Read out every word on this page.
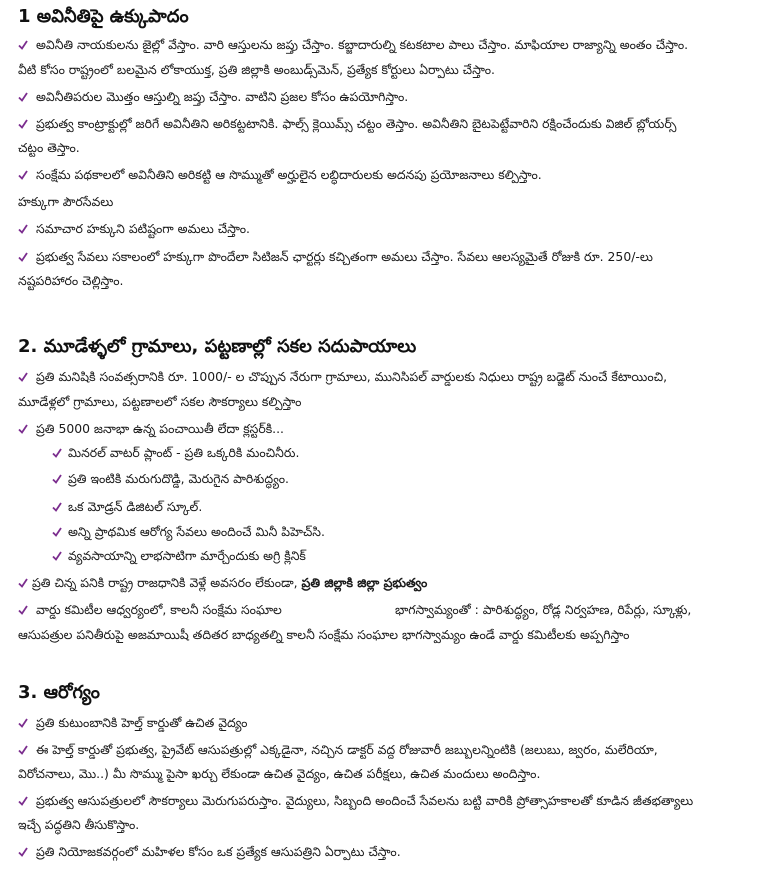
1 అవినీతిపై ఉక్కుపాదం
అవినీతి నాయకులను జైల్లో వేస్తాం. వారి ఆస్తులను జప్తు చేస్తాం. కబ్జాదారుల్ని కటకటాల పాలు చేస్తాం. మాఫియాల రాజ్యాన్ని అంతం చేస్తాం.
వీటి కోసం రాష్ట్రంలో బలమైన లోకాయుక్త, ప్రతి జిల్లాకి అంబుడ్స్‌మెన్, ప్రత్యేక కోర్టులు ఏర్పాటు చేస్తాం.
అవినీతిపరుల మొత్తం ఆస్తుల్ని జప్తు చేస్తాం. వాటిని ప్రజల కోసం ఉపయోగిస్తాం.
ప్రభుత్వ కాంట్రాక్టుల్లో జరిగే అవినీతిని అరికట్టటానికి. ఫాల్స్ క్లెయిమ్స్ చట్టం తెస్తాం. అవినీతిని బైటపెట్టేవారిని రక్షించేందుకు విజిల్ బ్లోయర్స్
చట్టం తెస్తాం.
సంక్షేమ పథకాలలో అవినీతిని అరికట్టి ఆ సొమ్ముతో అర్హులైన లబ్ధిదారులకు అదనపు ప్రయోజనాలు కల్పిస్తాం.
హక్కుగా పౌరసేవలు
సమాచార హక్కుని పటిష్టంగా అమలు చేస్తాం.
ప్రభుత్వ సేవలు సకాలంలో హక్కుగా పొందేలా సిటిజన్ ఛార్టర్లు కచ్చితంగా అమలు చేస్తాం. సేవలు ఆలస్యమైతే రోజుకి రూ. 250/-లు
నష్టపరిహారం చెల్లిస్తాం.
2. మూడేళ్ళలో గ్రామాలు, పట్టణాల్లో సకల సదుపాయాలు
ప్రతి మనిషికి సంవత్సరానికి రూ. 1000/- ల చొప్పున నేరుగా గ్రామాలు, మునిసిపల్ వార్డులకు నిధులు రాష్ట్ర బడ్జెట్ నుంచే కేటాయించి,
మూడేళ్లలో గ్రామాలు, పట్టణాలలో సకల సౌకర్యాలు కల్పిస్తాం
ప్రతి 5000 జనాభా ఉన్న పంచాయితీ లేదా క్లస్టర్‌కి...
మినరల్ వాటర్ ప్లాంట్ - ప్రతి ఒక్కరికి మంచినీరు.
ప్రతి ఇంటికి మరుగుదొడ్డి, మెరుగైన పారిశుద్ధ్యం.
ఒక మోడ్రన్ డిజిటల్ స్కూల్.
అన్ని ప్రాథమిక ఆరోగ్య సేవలు అందించే మినీ పిహెచ్‌సి.
వ్యవసాయాన్ని లాభసాటిగా మార్చేందుకు అగ్రి క్లినిక్
ప్రతి చిన్న పనికి రాష్ట్ర రాజధానికి వెళ్లే అవసరం లేకుండా, ప్రతి జిల్లాకి జిల్లా ప్రభుత్వం
వార్డు కమిటీల ఆధ్వర్యంలో, కాలనీ సంక్షేమ సంఘాల	భాగస్వామ్యంతో : పారిశుద్ధ్యం, రోడ్ల నిర్వహణ, రిపేర్లు, స్కూళ్లు,
ఆసుపత్రుల పనితీరుపై అజమాయిషీ తదితర బాధ్యతల్ని కాలనీ సంక్షేమ సంఘాల భాగస్వామ్యం ఉండే వార్డు కమిటీలకు అప్పగిస్తాం
3. ఆరోగ్యం
ప్రతి కుటుంబానికి హెల్త్ కార్డుతో ఉచిత వైద్యం
ఈ హెల్త్ కార్డుతో ప్రభుత్వ, ప్రైవేట్ ఆసుపత్రుల్లో ఎక్కడైనా, నచ్చిన డాక్టర్ వద్ద రోజువారీ జబ్బులన్నింటికి (జలుబు, జ్వరం, మలేరియా,
విరోచనాలు, మొ..) మీ సొమ్ము పైసా ఖర్చు లేకుండా ఉచిత వైద్యం, ఉచిత పరీక్షలు, ఉచిత మందులు అందిస్తాం.
ప్రభుత్వ ఆసుపత్రులలో సౌకర్యాలు మెరుగుపరుస్తాం. వైద్యులు, సిబ్బంది అందించే సేవలను బట్టి వారికి ప్రోత్సాహకాలతో కూడిన జీతభత్యాలు
ఇచ్చే పద్ధతిని తీసుకొస్తాం.
ప్రతి నియోజకవర్గంలో మహిళల కోసం ఒక ప్రత్యేక ఆసుపత్రిని ఏర్పాటు చేస్తాం.
